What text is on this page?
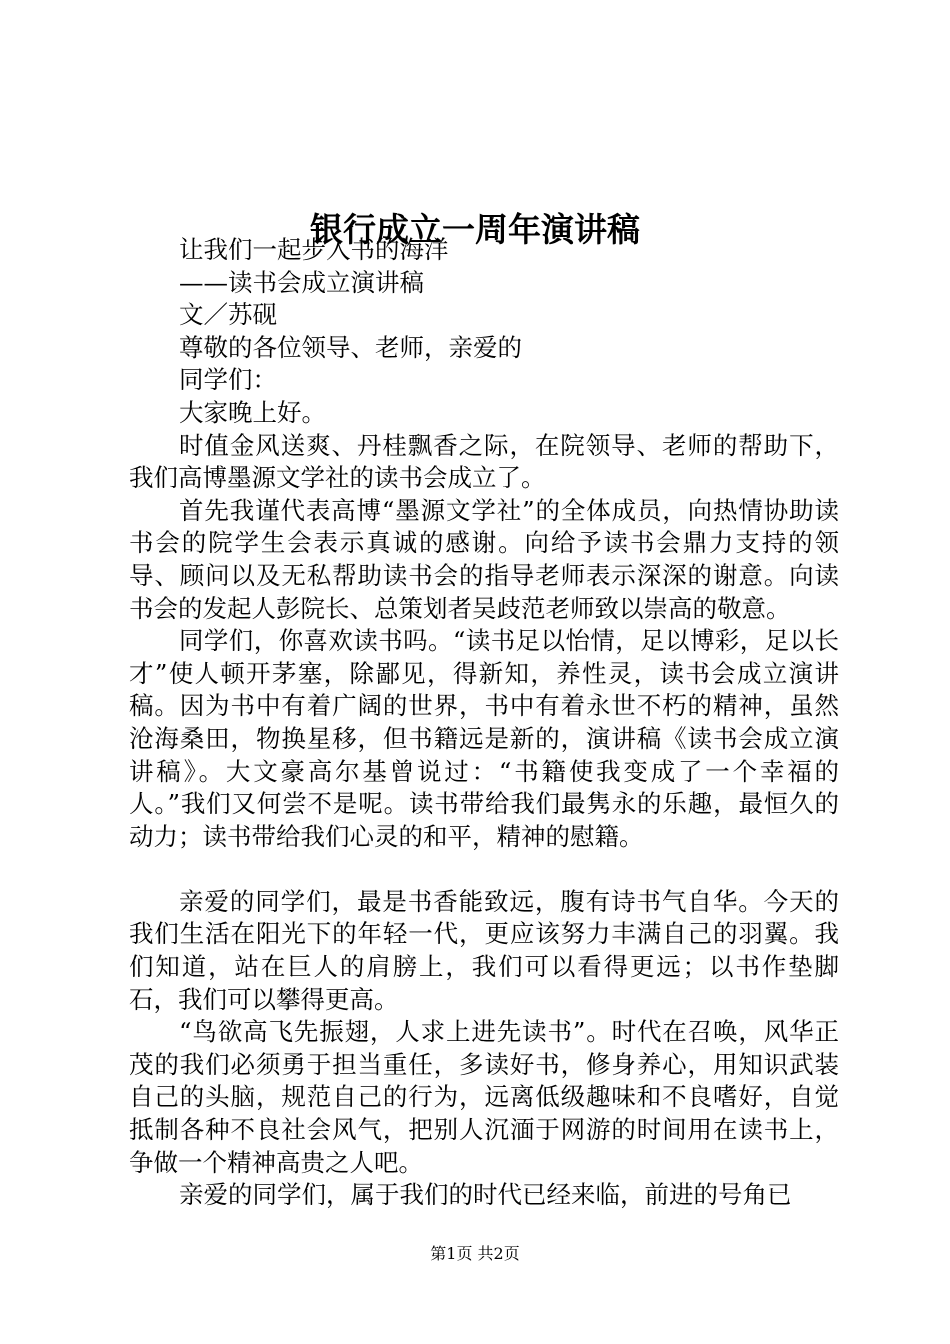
银行成立一周年演讲稿

让我们一起步入书的海洋

——读书会成立演讲稿

文／苏砚

尊敬的各位领导、老师，亲爱的

同学们：

大家晚上好。

时值金风送爽、丹桂飘香之际，在院领导、老师的帮助下，我们高博墨源文学社的读书会成立了。

首先我谨代表高博“墨源文学社”的全体成员，向热情协助读书会的院学生会表示真诚的感谢。向给予读书会鼎力支持的领导、顾问以及无私帮助读书会的指导老师表示深深的谢意。向读书会的发起人彭院长、总策划者吴歧范老师致以崇高的敬意。

同学们，你喜欢读书吗。“读书足以怡情，足以博彩，足以长才”使人顿开茅塞，除鄙见，得新知，养性灵，读书会成立演讲稿。因为书中有着广阔的世界，书中有着永世不朽的精神，虽然沧海桑田，物换星移，但书籍远是新的，演讲稿《读书会成立演讲稿》。大文豪高尔基曾说过：“书籍使我变成了一个幸福的人。”我们又何尝不是呢。读书带给我们最隽永的乐趣，最恒久的动力；读书带给我们心灵的和平，精神的慰籍。

亲爱的同学们，最是书香能致远，腹有诗书气自华。今天的我们生活在阳光下的年轻一代，更应该努力丰满自己的羽翼。我们知道，站在巨人的肩膀上，我们可以看得更远；以书作垫脚石，我们可以攀得更高。

“鸟欲高飞先振翅，人求上进先读书”。时代在召唤，风华正茂的我们必须勇于担当重任，多读好书，修身养心，用知识武装自己的头脑，规范自己的行为，远离低级趣味和不良嗜好，自觉抵制各种不良社会风气，把别人沉湎于网游的时间用在读书上，争做一个精神高贵之人吧。

亲爱的同学们，属于我们的时代已经来临，前进的号角已

第1页 共2页
